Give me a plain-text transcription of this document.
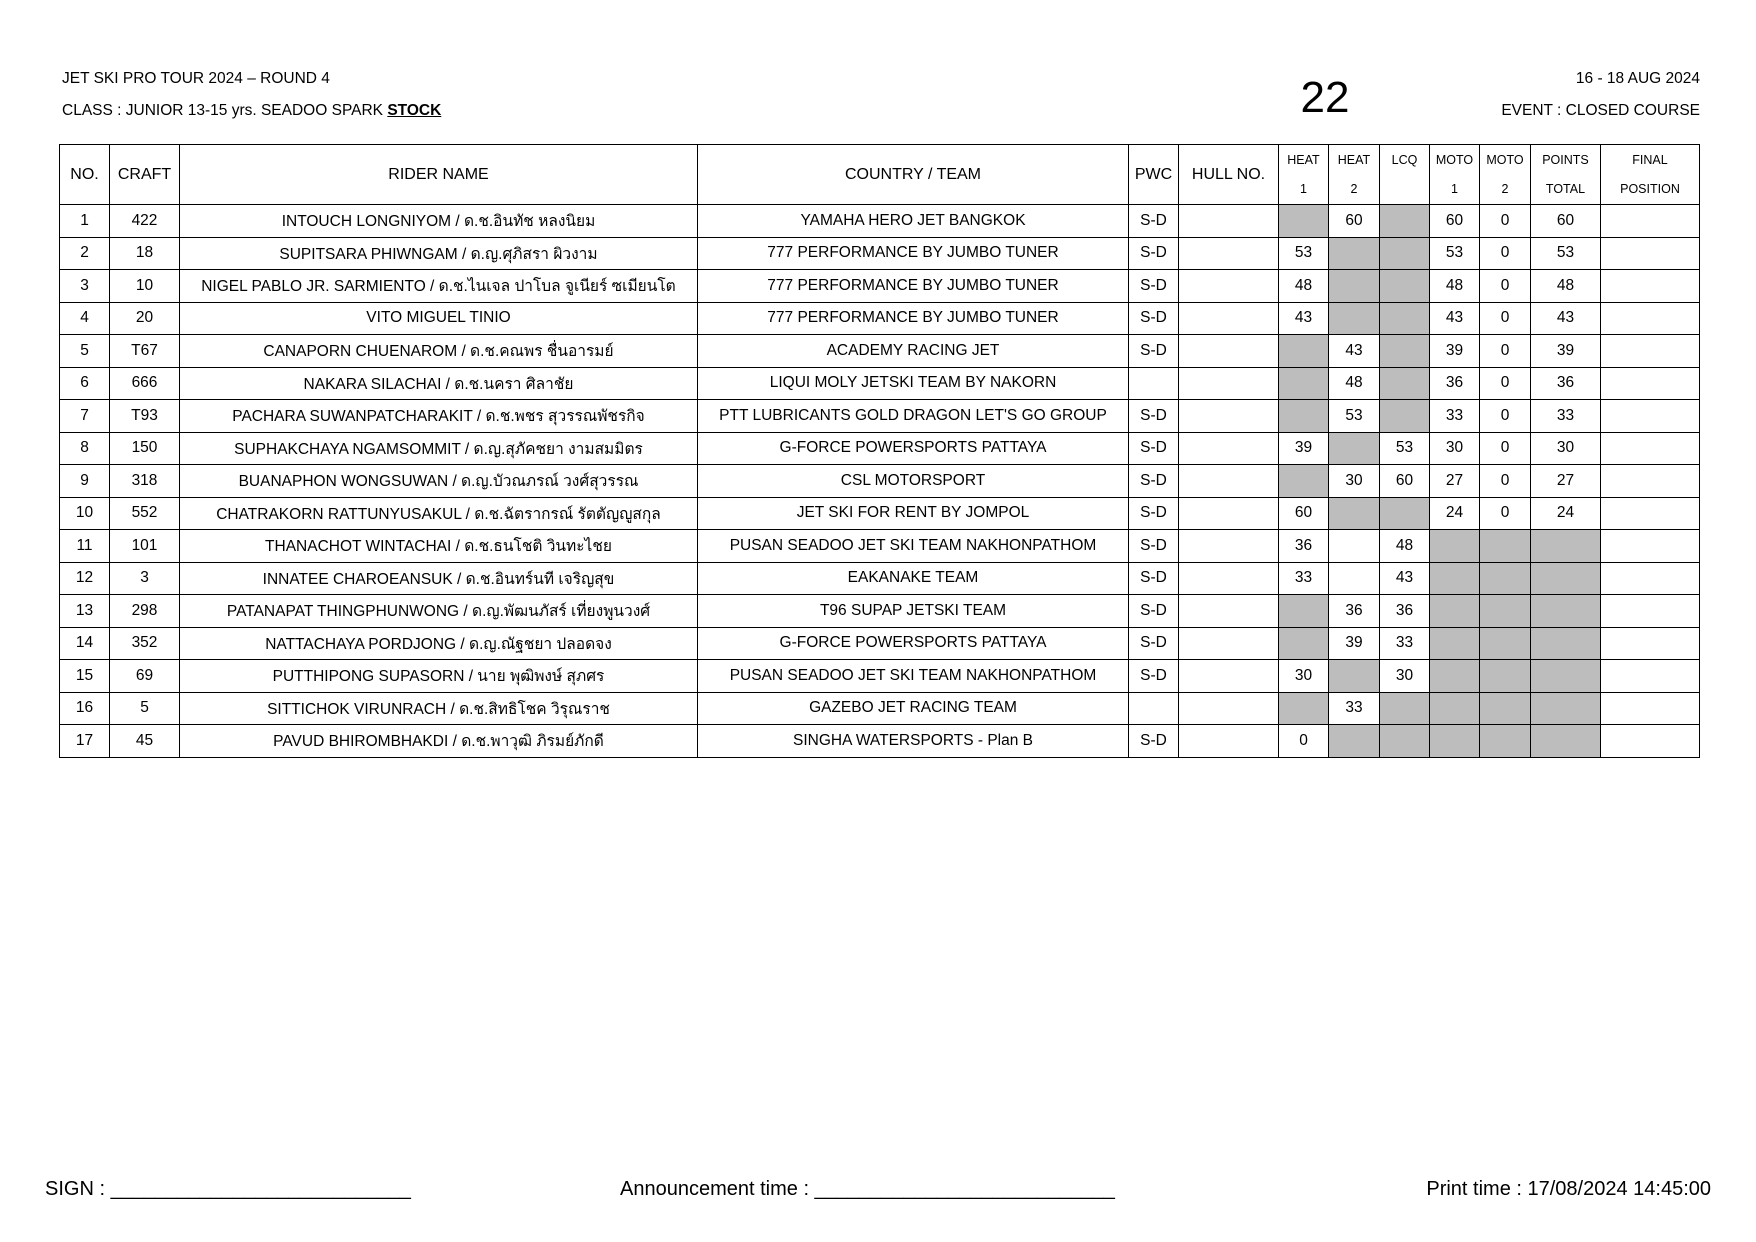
JET SKI PRO TOUR 2024 – ROUND 4
CLASS : JUNIOR 13-15 yrs. SEADOO SPARK STOCK	22	16 - 18 AUG 2024
EVENT : CLOSED COURSE
NO.	CRAFT	RIDER NAME	COUNTRY / TEAM	PWC	HULL NO.	HEAT	HEAT	LCQ	MOTO	MOTO	POINTS	FINAL
						1	2		1	2	TOTAL	POSITION
1	422	INTOUCH LONGNIYOM / ด.ช.อินทัช หลงนิยม	YAMAHA HERO JET BANGKOK	S-D			60		60	0	60	
2	18	SUPITSARA PHIWNGAM / ด.ญ.ศุภิสรา ผิวงาม	777 PERFORMANCE BY JUMBO TUNER	S-D		53			53	0	53	
3	10	NIGEL PABLO JR. SARMIENTO / ด.ช.ไนเจล ปาโบล จูเนียร์ ซเมียนโต	777 PERFORMANCE BY JUMBO TUNER	S-D		48			48	0	48	
4	20	VITO MIGUEL TINIO	777 PERFORMANCE BY JUMBO TUNER	S-D		43			43	0	43	
5	T67	CANAPORN CHUENAROM / ด.ช.คณพร ชื่นอารมย์	ACADEMY RACING JET	S-D			43		39	0	39	
6	666	NAKARA SILACHAI / ด.ช.นครา ศิลาชัย	LIQUI MOLY JETSKI TEAM BY NAKORN				48		36	0	36	
7	T93	PACHARA SUWANPATCHARAKIT / ด.ช.พชร สุวรรณพัชรกิจ	PTT LUBRICANTS GOLD DRAGON LET'S GO GROUP	S-D			53		33	0	33	
8	150	SUPHAKCHAYA NGAMSOMMIT / ด.ญ.สุภัคชยา งามสมมิตร	G-FORCE POWERSPORTS PATTAYA	S-D		39		53	30	0	30	
9	318	BUANAPHON WONGSUWAN / ด.ญ.บัวณภรณ์ วงศ์สุวรรณ	CSL MOTORSPORT	S-D			30	60	27	0	27	
10	552	CHATRAKORN RATTUNYUSAKUL / ด.ช.ฉัตรากรณ์ รัตตัญญูสกุล	JET SKI FOR RENT BY JOMPOL	S-D		60			24	0	24	
11	101	THANACHOT WINTACHAI / ด.ช.ธนโชติ วินทะไชย	PUSAN SEADOO JET SKI TEAM NAKHONPATHOM	S-D		36		48				
12	3	INNATEE CHAROEANSUK / ด.ช.อินทร์นที เจริญสุข	EAKANAKE TEAM	S-D		33		43				
13	298	PATANAPAT THINGPHUNWONG / ด.ญ.พัฒนภัสร์ เที่ยงพูนวงศ์	T96 SUPAP JETSKI TEAM	S-D			36	36				
14	352	NATTACHAYA PORDJONG / ด.ญ.ณัฐชยา ปลอดจง	G-FORCE POWERSPORTS PATTAYA	S-D			39	33				
15	69	PUTTHIPONG SUPASORN / นาย พุฒิพงษ์ สุภศร	PUSAN SEADOO JET SKI TEAM NAKHONPATHOM	S-D		30		30				
16	5	SITTICHOK VIRUNRACH / ด.ช.สิทธิโชค วิรุณราช	GAZEBO JET RACING TEAM				33					
17	45	PAVUD BHIROMBHAKDI / ด.ช.พาวุฒิ ภิรมย์ภักดี	SINGHA WATERSPORTS - Plan B	S-D		0						
SIGN : ___________________________	Announcement time : ___________________________	Print time : 17/08/2024 14:45:00
